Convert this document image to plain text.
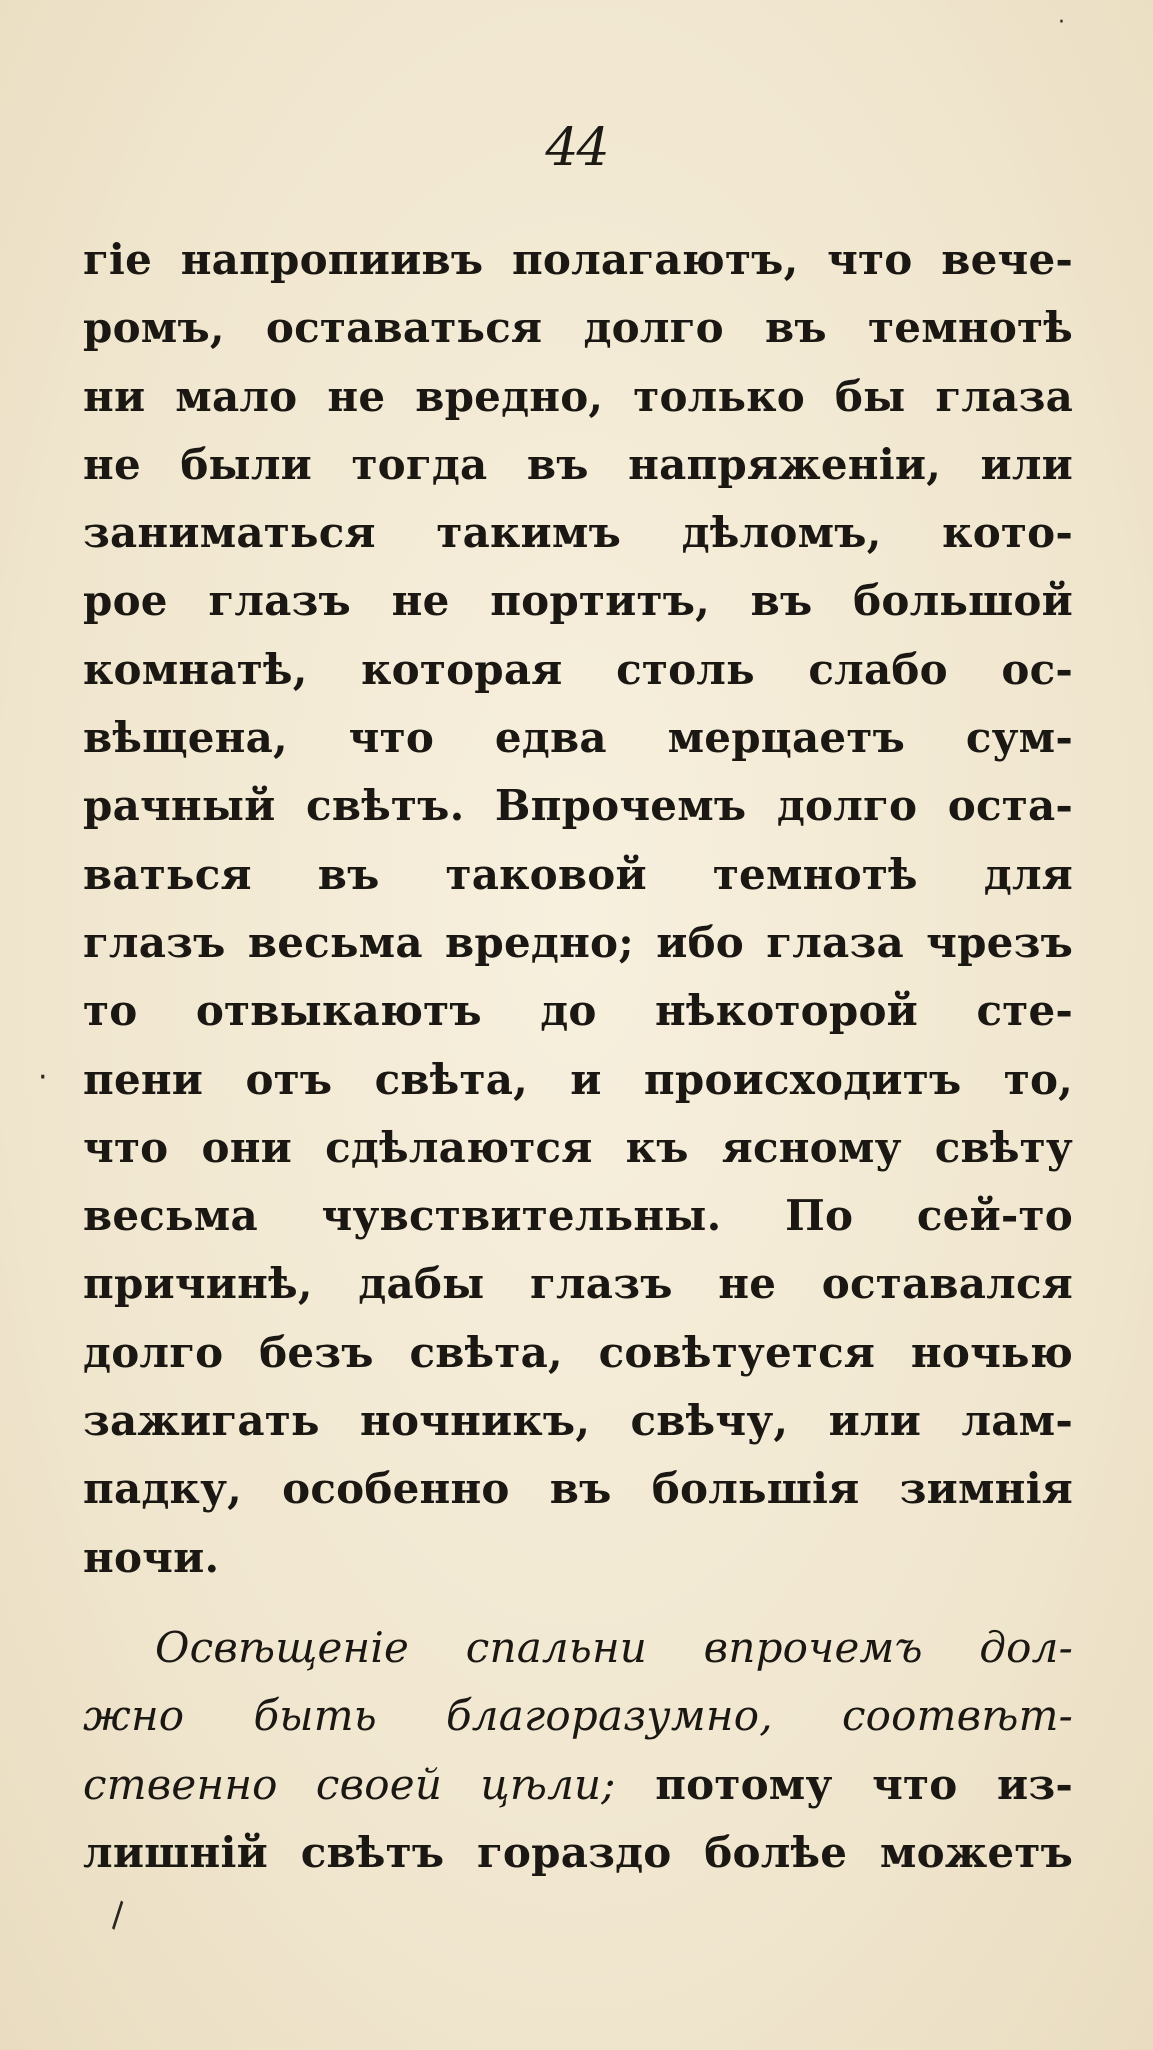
·
44
гіе напропиивъ полагаютъ, что вече-
ромъ, оставаться долго въ темнотѣ
ни мало не вредно, только бы глаза
не были тогда въ напряженіи, или
заниматься такимъ дѣломъ, кото-
рое глазъ не портитъ, въ большой
комнатѣ, которая столь слабо ос-
вѣщена, что едва мерцаетъ сум-
рачный свѣтъ. Впрочемъ долго оста-
ваться въ таковой темнотѣ для
глазъ весьма вредно; ибо глаза чрезъ
то отвыкаютъ до нѣкоторой сте-
пени отъ свѣта, и происходитъ то,
что они сдѣлаются къ ясному свѣту
весьма чувствительны. По сей-то
причинѣ, дабы глазъ не оставался
долго безъ свѣта, совѣтуется ночью
зажигать ночникъ, свѣчу, или лам-
падку, особенно въ большія зимнія
ночи.
Освѣщеніе спальни впрочемъ дол-
жно быть благоразумно, соотвѣт-
ственно своей цѣли; потому что из-
лишній свѣтъ гораздо болѣе можетъ
·
\
